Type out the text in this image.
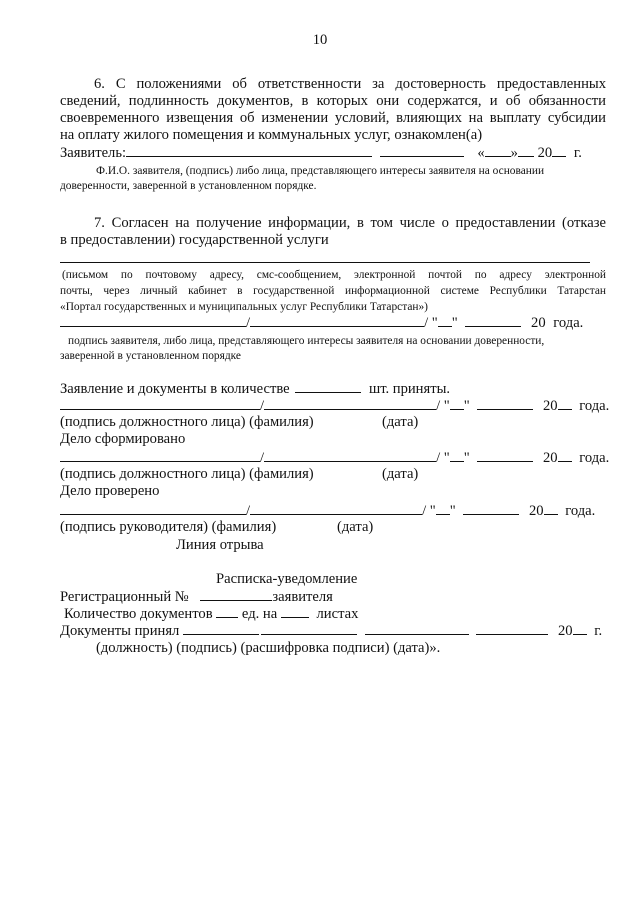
10
6. С положениями об ответственности за достоверность предоставленных
сведений, подлинность документов, в которых они содержатся, и об обязанности
своевременного извещения об изменении условий, влияющих на выплату субсидии
на оплату жилого помещения и коммунальных услуг, ознакомлен(а)
Заявитель:	« » 20 г.
Ф.И.О. заявителя, (подпись) либо лица, представляющего интересы заявителя на основании
доверенности, заверенной в установленном порядке.
7. Согласен на получение информации, в том числе о предоставлении (отказе
в предоставлении) государственной услуги
(письмом по почтовому адресу, смс-сообщением, электронной почтой по адресу электронной
почты, через личный кабинет в государственной информационной системе Республики Татарстан
«Портал государственных и муниципальных услуг Республики Татарстан»)
/	/ " "	20 года.
подпись заявителя, либо лица, представляющего интересы заявителя на основании доверенности,
заверенной в установленном порядке
Заявление и документы в количестве	шт. приняты.
/	/ " "	20 года.
(подпись должностного лица) (фамилия)	(дата)
Дело сформировано
/	/ " "	20 года.
(подпись должностного лица) (фамилия)	(дата)
Дело проверено
/	/ " "	20 года.
(подпись руководителя) (фамилия)	(дата)
Линия отрыва
Расписка-уведомление
Регистрационный №	заявителя
Количество документов ед. на	листах
Документы принял	20 г.
(должность) (подпись) (расшифровка подписи) (дата)».
